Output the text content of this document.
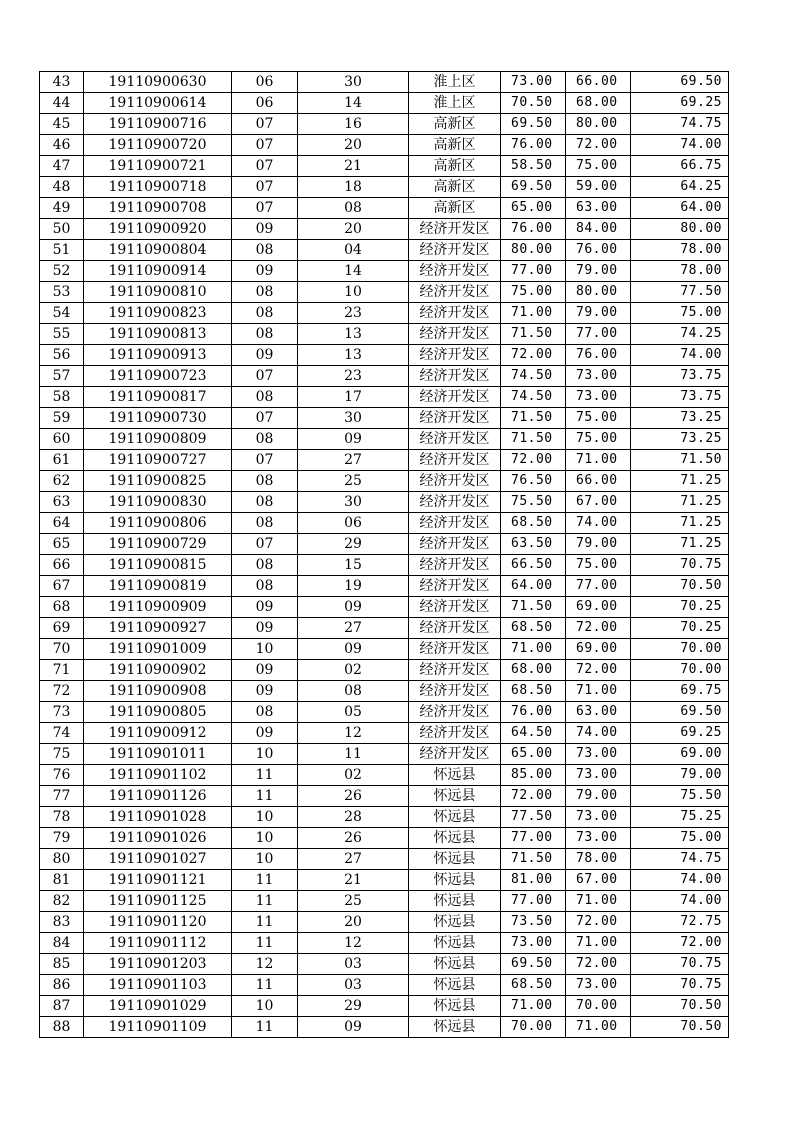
43	19110900630	06	30	淮上区	73.00	66.00	69.50
44	19110900614	06	14	淮上区	70.50	68.00	69.25
45	19110900716	07	16	高新区	69.50	80.00	74.75
46	19110900720	07	20	高新区	76.00	72.00	74.00
47	19110900721	07	21	高新区	58.50	75.00	66.75
48	19110900718	07	18	高新区	69.50	59.00	64.25
49	19110900708	07	08	高新区	65.00	63.00	64.00
50	19110900920	09	20	经济开发区	76.00	84.00	80.00
51	19110900804	08	04	经济开发区	80.00	76.00	78.00
52	19110900914	09	14	经济开发区	77.00	79.00	78.00
53	19110900810	08	10	经济开发区	75.00	80.00	77.50
54	19110900823	08	23	经济开发区	71.00	79.00	75.00
55	19110900813	08	13	经济开发区	71.50	77.00	74.25
56	19110900913	09	13	经济开发区	72.00	76.00	74.00
57	19110900723	07	23	经济开发区	74.50	73.00	73.75
58	19110900817	08	17	经济开发区	74.50	73.00	73.75
59	19110900730	07	30	经济开发区	71.50	75.00	73.25
60	19110900809	08	09	经济开发区	71.50	75.00	73.25
61	19110900727	07	27	经济开发区	72.00	71.00	71.50
62	19110900825	08	25	经济开发区	76.50	66.00	71.25
63	19110900830	08	30	经济开发区	75.50	67.00	71.25
64	19110900806	08	06	经济开发区	68.50	74.00	71.25
65	19110900729	07	29	经济开发区	63.50	79.00	71.25
66	19110900815	08	15	经济开发区	66.50	75.00	70.75
67	19110900819	08	19	经济开发区	64.00	77.00	70.50
68	19110900909	09	09	经济开发区	71.50	69.00	70.25
69	19110900927	09	27	经济开发区	68.50	72.00	70.25
70	19110901009	10	09	经济开发区	71.00	69.00	70.00
71	19110900902	09	02	经济开发区	68.00	72.00	70.00
72	19110900908	09	08	经济开发区	68.50	71.00	69.75
73	19110900805	08	05	经济开发区	76.00	63.00	69.50
74	19110900912	09	12	经济开发区	64.50	74.00	69.25
75	19110901011	10	11	经济开发区	65.00	73.00	69.00
76	19110901102	11	02	怀远县	85.00	73.00	79.00
77	19110901126	11	26	怀远县	72.00	79.00	75.50
78	19110901028	10	28	怀远县	77.50	73.00	75.25
79	19110901026	10	26	怀远县	77.00	73.00	75.00
80	19110901027	10	27	怀远县	71.50	78.00	74.75
81	19110901121	11	21	怀远县	81.00	67.00	74.00
82	19110901125	11	25	怀远县	77.00	71.00	74.00
83	19110901120	11	20	怀远县	73.50	72.00	72.75
84	19110901112	11	12	怀远县	73.00	71.00	72.00
85	19110901203	12	03	怀远县	69.50	72.00	70.75
86	19110901103	11	03	怀远县	68.50	73.00	70.75
87	19110901029	10	29	怀远县	71.00	70.00	70.50
88	19110901109	11	09	怀远县	70.00	71.00	70.50
